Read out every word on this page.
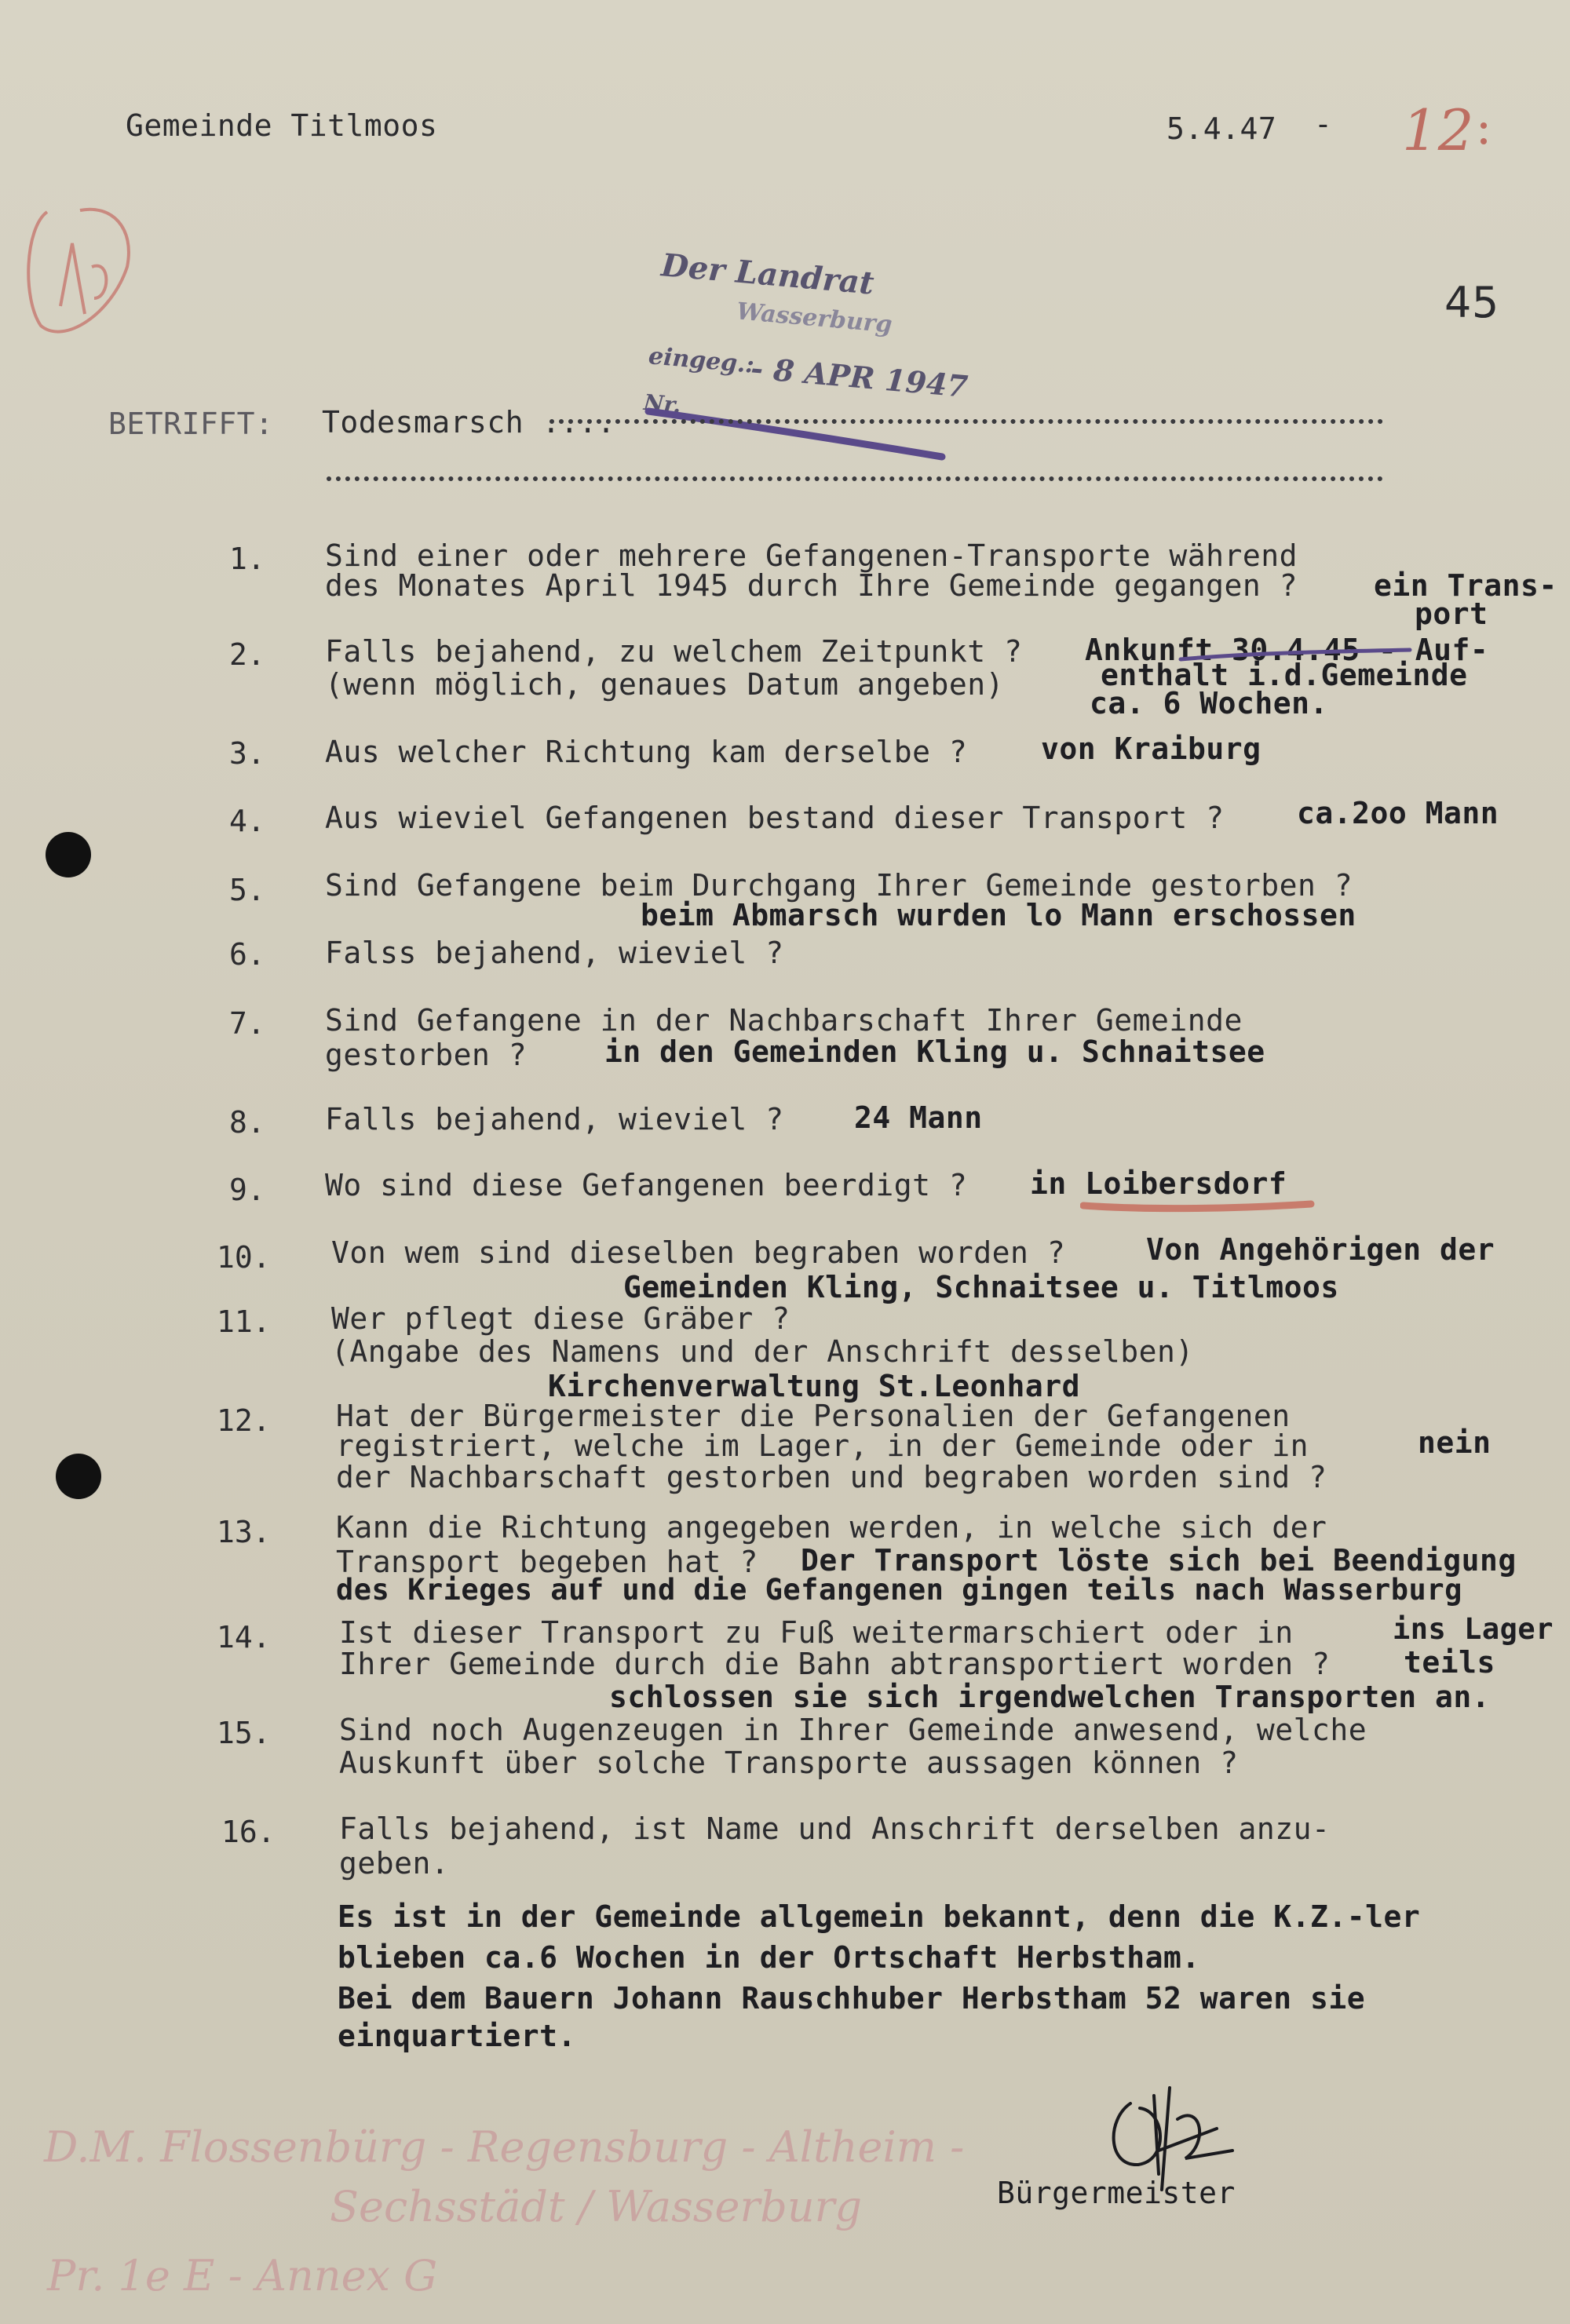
Gemeinde Titlmoos	5.4.47 - 12
45
Der Landrat
Wasserburg
eingeg.:
- 8 APR 1947
Nr.
BETRIFFT: Todesmarsch ....
1. Sind einer oder mehrere Gefangenen-Transporte während
des Monates April 1945 durch Ihre Gemeinde gegangen ?	ein Trans-
port
2. Falls bejahend, zu welchem Zeitpunkt ?
(wenn möglich, genaues Datum angeben)
Ankunft 30.4.45 - Auf-
enthalt i.d.Gemeinde
ca. 6 Wochen.
3. Aus welcher Richtung kam derselbe ? von Kraiburg
4. Aus wieviel Gefangenen bestand dieser Transport ? ca.2oo Mann
5. Sind Gefangene beim Durchgang Ihrer Gemeinde gestorben ?
beim Abmarsch wurden lo Mann erschossen
6. Falss bejahend, wieviel ?
7. Sind Gefangene in der Nachbarschaft Ihrer Gemeinde
gestorben ?	in den Gemeinden Kling u. Schnaitsee
8. Falls bejahend, wieviel ? 24 Mann
9. Wo sind diese Gefangenen beerdigt ? in Loibersdorf
10. Von wem sind dieselben begraben worden ?	Von Angehörigen der
Gemeinden Kling, Schnaitsee u. Titlmoos
11. Wer pflegt diese Gräber ?
(Angabe des Namens und der Anschrift desselben)
Kirchenverwaltung St.Leonhard
12. Hat der Bürgermeister die Personalien der Gefangenen
registriert, welche im Lager, in der Gemeinde oder in
der Nachbarschaft gestorben und begraben worden sind ?
nein
13. Kann die Richtung angegeben werden, in welche sich der
Transport begeben hat ? Der Transport löste sich bei Beendigung
des Krieges auf und die Gefangenen gingen teils nach Wasserburg
14. Ist dieser Transport zu Fuß weitermarschiert oder in
Ihrer Gemeinde durch die Bahn abtransportiert worden ?
ins Lager
teils
schlossen sie sich irgendwelchen Transporten an.
15. Sind noch Augenzeugen in Ihrer Gemeinde anwesend, welche
Auskunft über solche Transporte aussagen können ?
16. Falls bejahend, ist Name und Anschrift derselben anzu-
geben.
Es ist in der Gemeinde allgemein bekannt, denn die K.Z.-ler
blieben ca.6 Wochen in der Ortschaft Herbstham.
Bei dem Bauern Johann Rauschhuber Herbstham 52 waren sie
einquartiert.
D.M. Flossenbürg - Regensburg - Altheim -
Sechsstädt / Wasserburg
Pr. 1e E - Annex G
Bürgermeister
